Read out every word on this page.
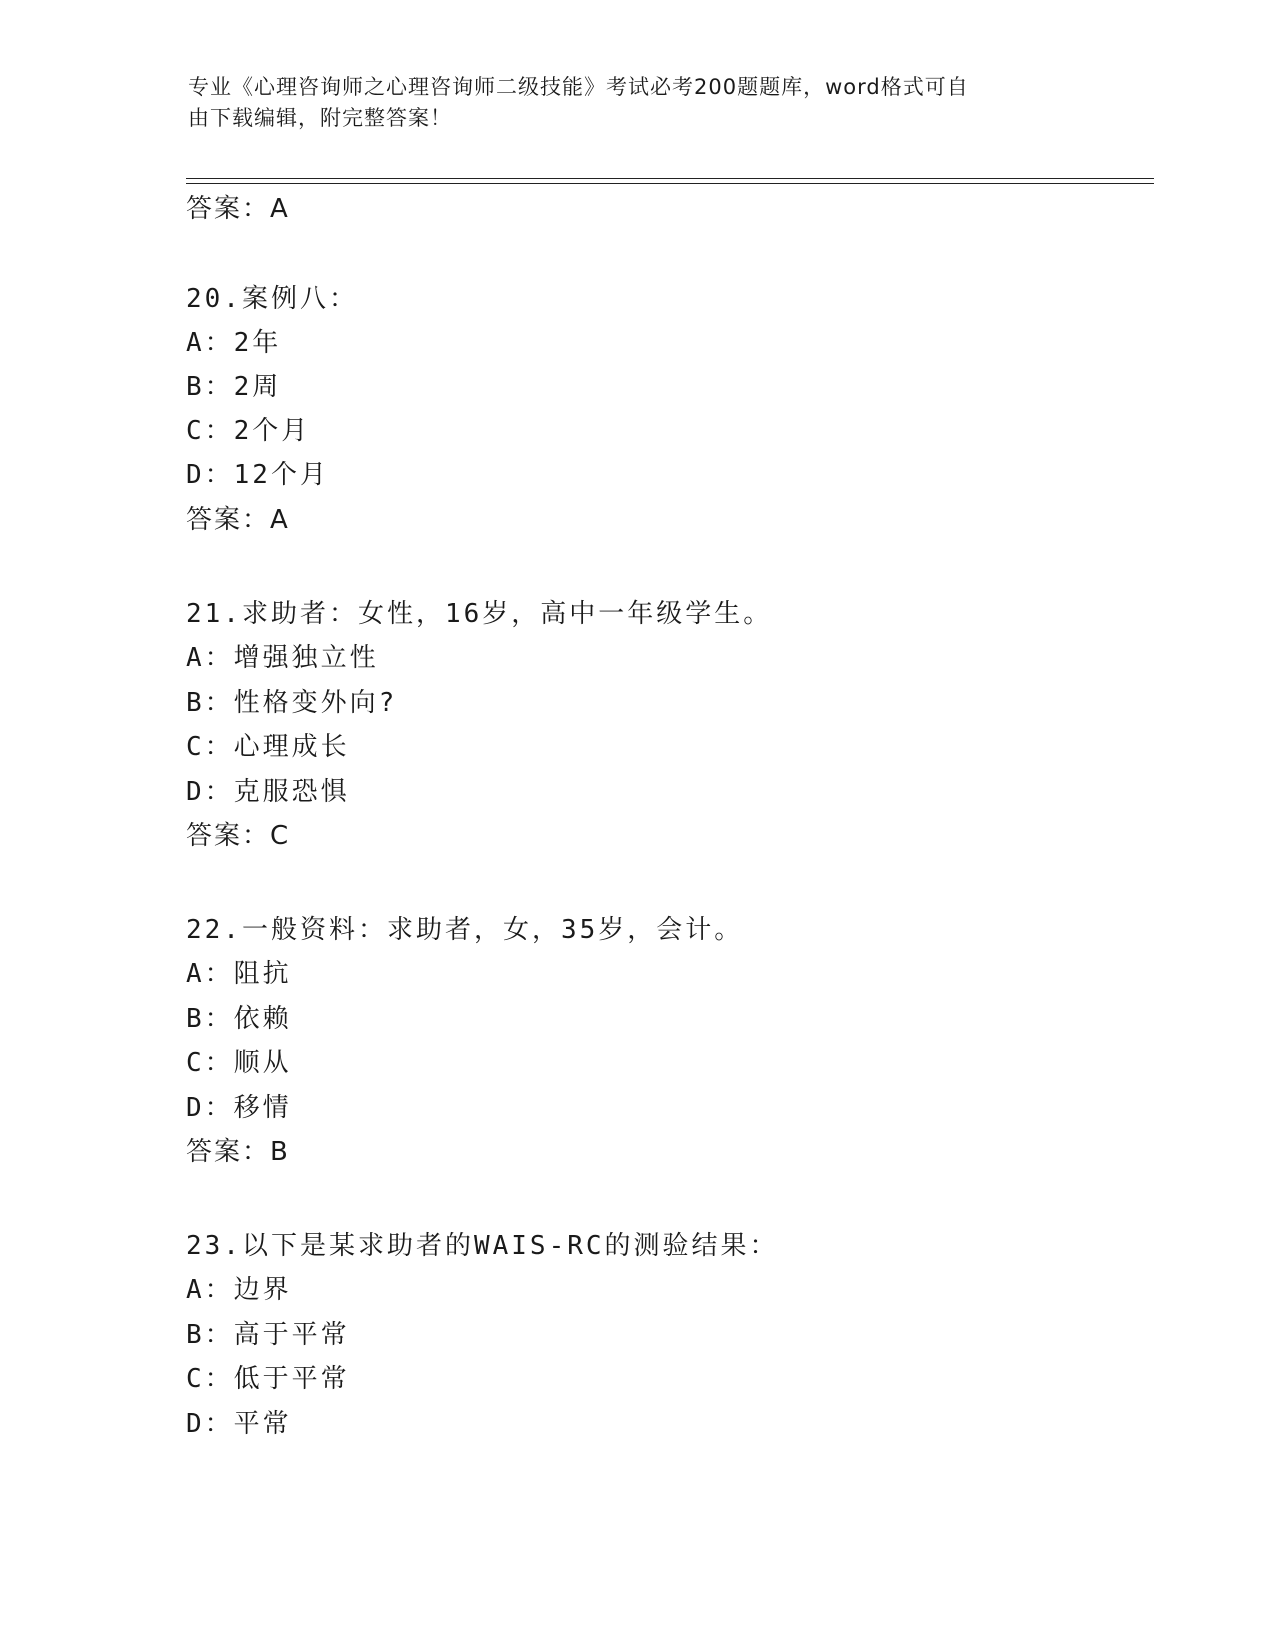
专业《心理咨询师之心理咨询师二级技能》考试必考200题题库，word格式可自
由下载编辑，附完整答案！
答案：A
20.案例八：
A：2年
B：2周
C：2个月
D：12个月
答案：A
21.求助者：女性，16岁，高中一年级学生。
A：增强独立性
B：性格变外向?
C：心理成长
D：克服恐惧
答案：C
22.一般资料：求助者，女，35岁，会计。
A：阻抗
B：依赖
C：顺从
D：移情
答案：B
23.以下是某求助者的WAIS-RC的测验结果：
A：边界
B：高于平常
C：低于平常
D：平常
